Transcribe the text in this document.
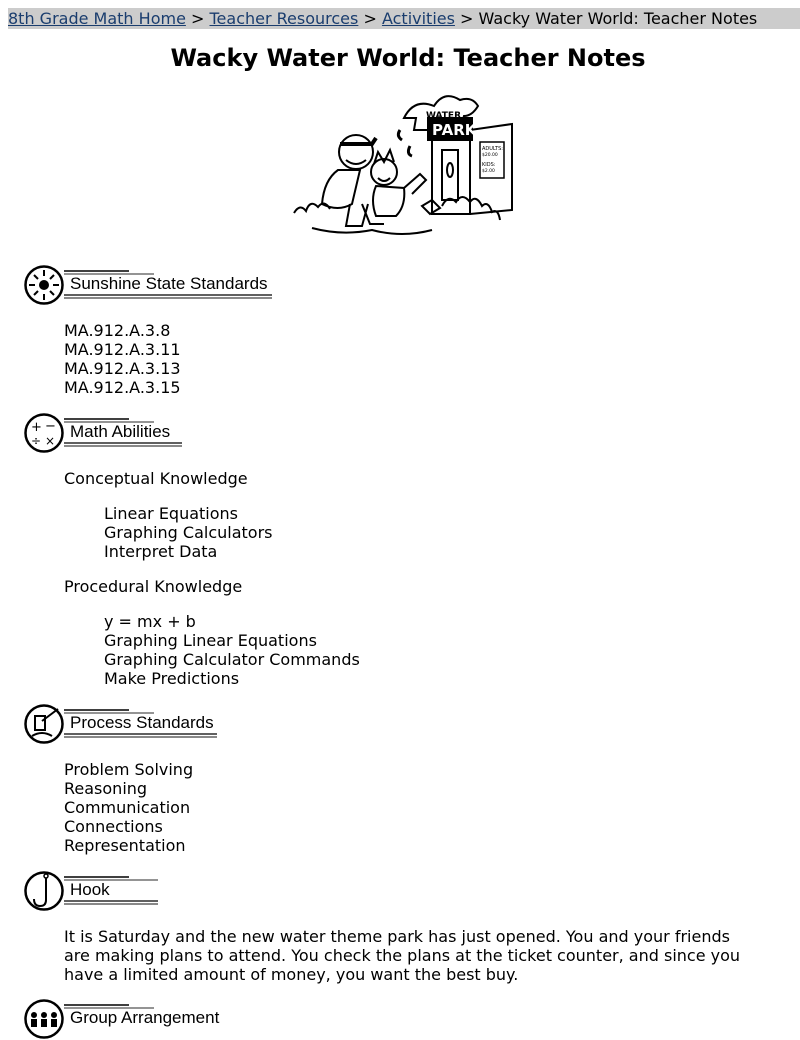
8th Grade Math Home > Teacher Resources > Activities > Wacky Water World: Teacher Notes
Wacky Water World: Teacher Notes
ADULTS:
$20.00
KIDS:
$2.00
PARK
WATER
Sunshine State Standards
MA.912.A.3.8
MA.912.A.3.11
MA.912.A.3.13
MA.912.A.3.15
+ −
÷ × Math Abilities
Conceptual Knowledge
Linear Equations
Graphing Calculators
Interpret Data
Procedural Knowledge
y = mx + b
Graphing Linear Equations
Graphing Calculator Commands
Make Predictions
Process Standards
Problem Solving
Reasoning
Communication
Connections
Representation
Hook
It is Saturday and the new water theme park has just opened. You and your friends are making plans to attend. You check the plans at the ticket counter, and since you have a limited amount of money, you want the best buy.
Group Arrangement
